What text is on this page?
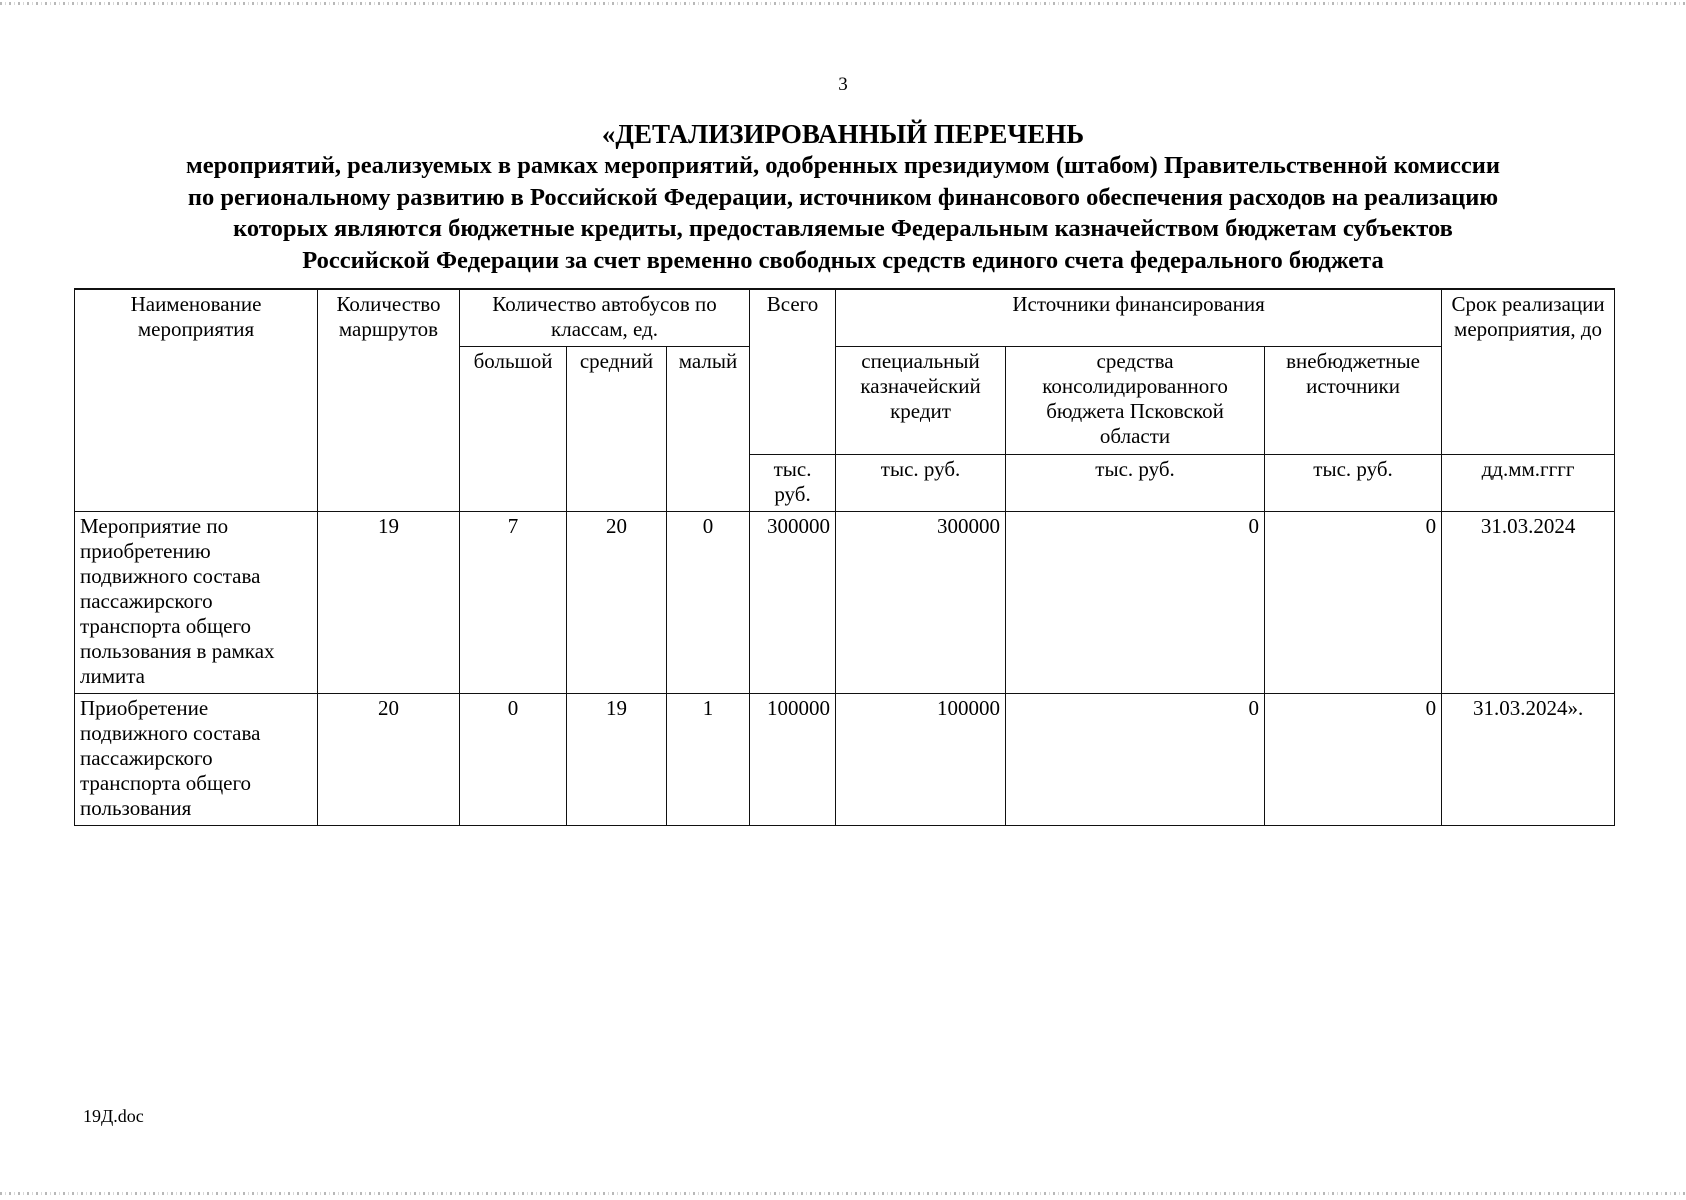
3
«ДЕТАЛИЗИРОВАННЫЙ ПЕРЕЧЕНЬ
мероприятий, реализуемых в рамках мероприятий, одобренных президиумом (штабом) Правительственной комиссии
по региональному развитию в Российской Федерации, источником финансового обеспечения расходов на реализацию
которых являются бюджетные кредиты, предоставляемые Федеральным казначейством бюджетам субъектов
Российской Федерации за счет временно свободных средств единого счета федерального бюджета
Наименование мероприятия	Количество маршрутов	Количество автобусов по классам, ед.			Всего	Источники финансирования			Срок реализации мероприятия, до
		большой	средний	малый		специальный казначейский кредит	средства консолидированного бюджета Псковской области	внебюджетные источники	
					тыс. руб.	тыс. руб.	тыс. руб.	тыс. руб.	дд.мм.гггг
Мероприятие по приобретению подвижного состава пассажирского транспорта общего пользования в рамках лимита	19	7	20	0	300000	300000	0	0	31.03.2024
Приобретение подвижного состава пассажирского транспорта общего пользования	20	0	19	1	100000	100000	0	0	31.03.2024».
19Д.doc
